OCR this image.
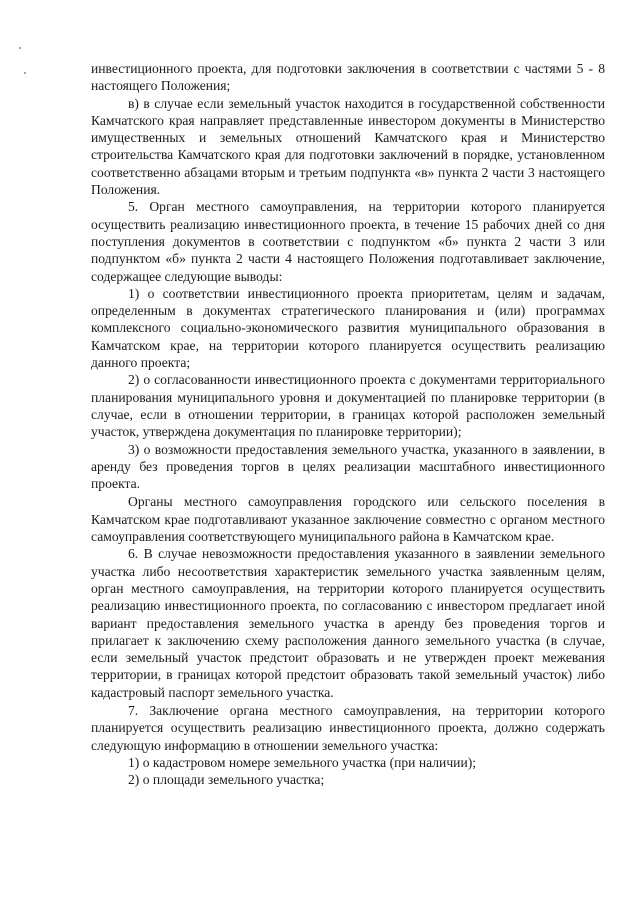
инвестиционного проекта, для подготовки заключения в соответствии с частями 5 - 8 настоящего Положения;

в) в случае если земельный участок находится в государственной собственности Камчатского края направляет представленные инвестором документы в Министерство имущественных и земельных отношений Камчатского края и Министерство строительства Камчатского края для подготовки заключений в порядке, установленном соответственно абзацами вторым и третьим подпункта «в» пункта 2 части 3 настоящего Положения.

5. Орган местного самоуправления, на территории которого планируется осуществить реализацию инвестиционного проекта, в течение 15 рабочих дней со дня поступления документов в соответствии с подпунктом «б» пункта 2 части 3 или подпунктом «б» пункта 2 части 4 настоящего Положения подготавливает заключение, содержащее следующие выводы:

1) о соответствии инвестиционного проекта приоритетам, целям и задачам, определенным в документах стратегического планирования и (или) программах комплексного социально-экономического развития муниципального образования в Камчатском крае, на территории которого планируется осуществить реализацию данного проекта;

2) о согласованности инвестиционного проекта с документами территориального планирования муниципального уровня и документацией по планировке территории (в случае, если в отношении территории, в границах которой расположен земельный участок, утверждена документация по планировке территории);

3) о возможности предоставления земельного участка, указанного в заявлении, в аренду без проведения торгов в целях реализации масштабного инвестиционного проекта.

Органы местного самоуправления городского или сельского поселения в Камчатском крае подготавливают указанное заключение совместно с органом местного самоуправления соответствующего муниципального района в Камчатском крае.

6. В случае невозможности предоставления указанного в заявлении земельного участка либо несоответствия характеристик земельного участка заявленным целям, орган местного самоуправления, на территории которого планируется осуществить реализацию инвестиционного проекта, по согласованию с инвестором предлагает иной вариант предоставления земельного участка в аренду без проведения торгов и прилагает к заключению схему расположения данного земельного участка (в случае, если земельный участок предстоит образовать и не утвержден проект межевания территории, в границах которой предстоит образовать такой земельный участок) либо кадастровый паспорт земельного участка.

7. Заключение органа местного самоуправления, на территории которого планируется осуществить реализацию инвестиционного проекта, должно содержать следующую информацию в отношении земельного участка:

1) о кадастровом номере земельного участка (при наличии);

2) о площади земельного участка;
